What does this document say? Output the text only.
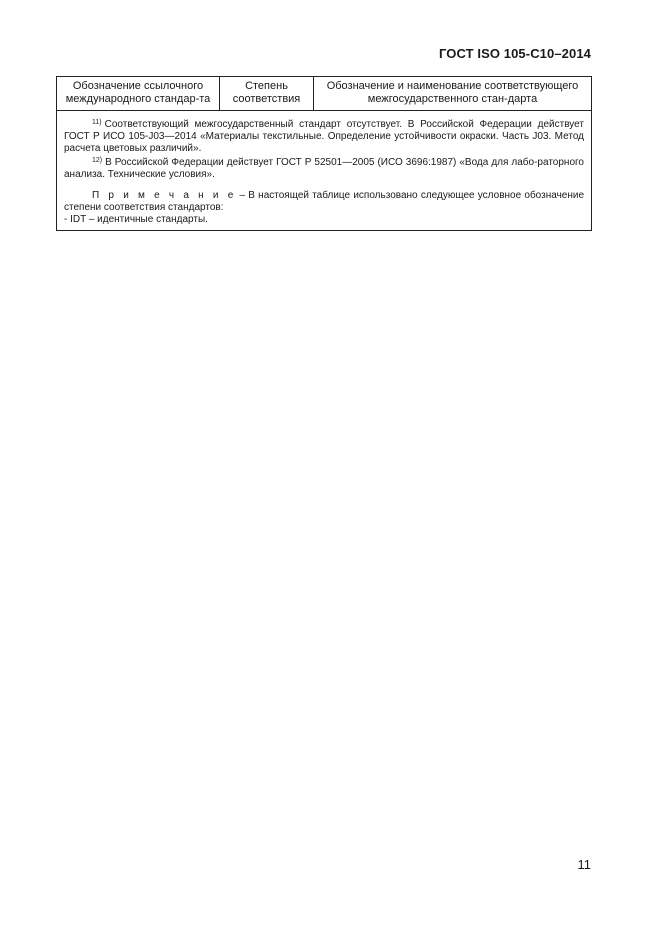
ГОСТ ISO 105-C10–2014
Обозначение ссылочного международного стандар-та
Степень соответствия
Обозначение и наименование соответствующего межгосударственного стан-дарта

$^{11)}$ Соответствующий межгосударственный стандарт отсутствует. В Российской Федерации действует ГОСТ Р ИСО 105-J03—2014 «Материалы текстильные. Определение устойчивости окраски. Часть J03. Метод расчета цветовых различий».

$^{12)}$ В Российской Федерации действует ГОСТ Р 52501—2005 (ИСО 3696:1987) «Вода для лабо-раторного анализа. Технические условия».

П р и м е ч а н и е – В настоящей таблице использовано следующее условное обозначение степени соответствия стандартов:

- IDT – идентичные стандарты.

11
